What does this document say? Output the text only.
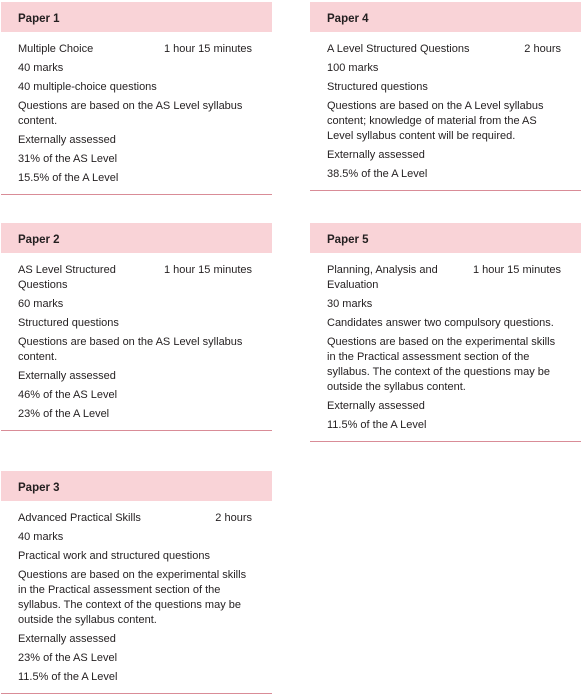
Paper 1
Multiple Choice	1 hour 15 minutes
40 marks
40 multiple-choice questions
Questions are based on the AS Level syllabus content.
Externally assessed
31% of the AS Level
15.5% of the A Level
Paper 2
AS Level Structured Questions
1 hour 15 minutes
60 marks
Structured questions
Questions are based on the AS Level syllabus content.
Externally assessed
46% of the AS Level
23% of the A Level
Paper 3
Advanced Practical Skills	2 hours
40 marks
Practical work and structured questions
Questions are based on the experimental skills in the Practical assessment section of the syllabus. The context of the questions may be outside the syllabus content.
Externally assessed
23% of the AS Level
11.5% of the A Level
Paper 4
A Level Structured Questions	2 hours
100 marks
Structured questions
Questions are based on the A Level syllabus content; knowledge of material from the AS Level syllabus content will be required.
Externally assessed
38.5% of the A Level
Paper 5
Planning, Analysis and Evaluation
1 hour 15 minutes
30 marks
Candidates answer two compulsory questions.
Questions are based on the experimental skills in the Practical assessment section of the syllabus. The context of the questions may be outside the syllabus content.
Externally assessed
11.5% of the A Level
